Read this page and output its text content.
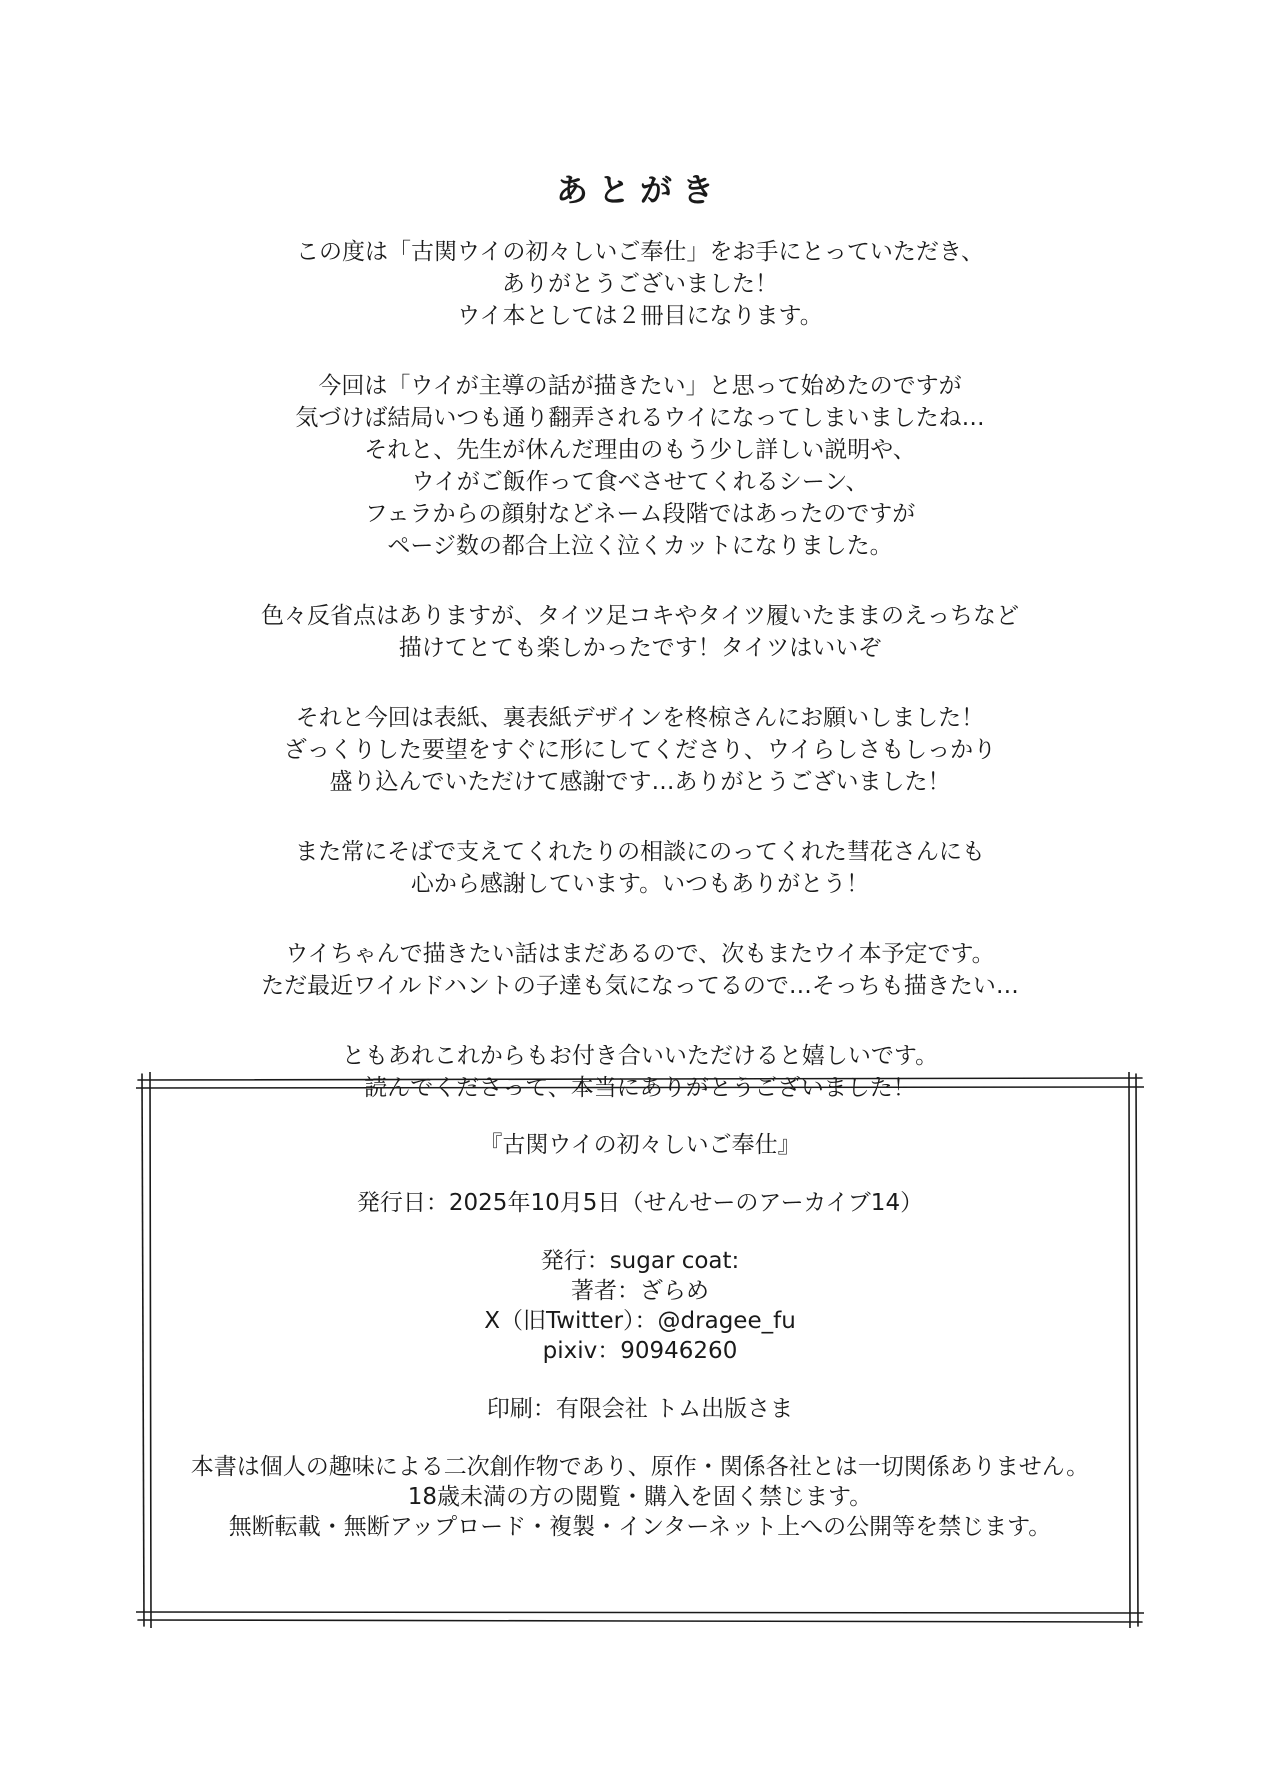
あとがき
この度は「古関ウイの初々しいご奉仕」をお手にとっていただき、
ありがとうございました！
ウイ本としては２冊目になります。
今回は「ウイが主導の話が描きたい」と思って始めたのですが
気づけば結局いつも通り翻弄されるウイになってしまいましたね…
それと、先生が休んだ理由のもう少し詳しい説明や、
ウイがご飯作って食べさせてくれるシーン、
フェラからの顔射などネーム段階ではあったのですが
ページ数の都合上泣く泣くカットになりました。
色々反省点はありますが、タイツ足コキやタイツ履いたままのえっちなど
描けてとても楽しかったです！タイツはいいぞ
それと今回は表紙、裏表紙デザインを柊椋さんにお願いしました！
ざっくりした要望をすぐに形にしてくださり、ウイらしさもしっかり
盛り込んでいただけて感謝です…ありがとうございました！
また常にそばで支えてくれたりの相談にのってくれた彗花さんにも
心から感謝しています。いつもありがとう！
ウイちゃんで描きたい話はまだあるので、次もまたウイ本予定です。
ただ最近ワイルドハントの子達も気になってるので…そっちも描きたい…
ともあれこれからもお付き合いいただけると嬉しいです。
読んでくださって、本当にありがとうございました！
『古関ウイの初々しいご奉仕』
発行日：2025年10月5日（せんせーのアーカイブ14）
発行：sugar coat:
著者：ざらめ
X（旧Twitter）：@dragee_fu
pixiv：90946260
印刷：有限会社 トム出版さま
本書は個人の趣味による二次創作物であり、原作・関係各社とは一切関係ありません。
18歳未満の方の閲覧・購入を固く禁じます。
無断転載・無断アップロード・複製・インターネット上への公開等を禁じます。
